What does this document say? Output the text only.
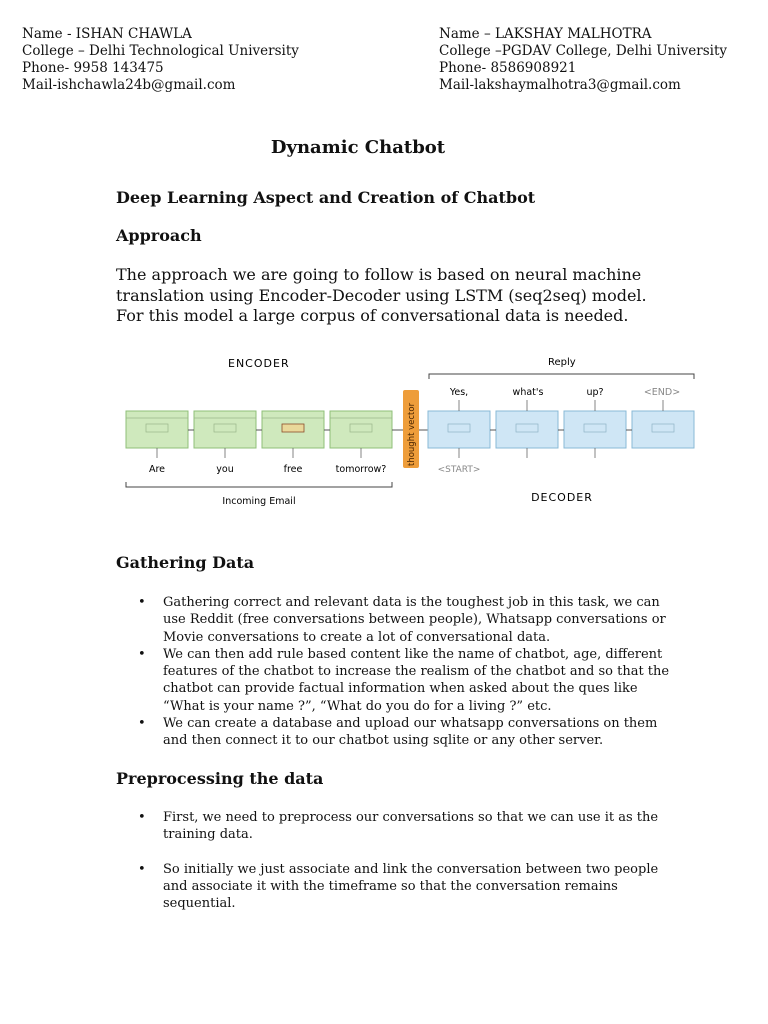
Name - ISHAN CHAWLA
College – Delhi Technological University
Phone- 9958 143475
Mail-ishchawla24b@gmail.com
Name – LAKSHAY MALHOTRA
College –PGDAV College, Delhi University
Phone- 8586908921
Mail-lakshaymalhotra3@gmail.com
Dynamic Chatbot
Deep Learning Aspect and Creation of Chatbot
Approach
The approach we are going to follow is based on neural machine translation using Encoder-Decoder using LSTM (seq2seq) model. For this model a large corpus of conversational data is needed.
ENCODER	Reply
Yes,	what's	up?	<END>
thought vector
Are	you	free	tomorrow?	<START>
Incoming Email	DECODER
Gathering Data
• Gathering correct and relevant data is the toughest job in this task, we can use Reddit (free conversations between people), Whatsapp conversations or Movie conversations to create a lot of conversational data.
• We can then add rule based content like the name of chatbot, age, different features of the chatbot to increase the realism of the chatbot and so that the chatbot can provide factual information when asked about the ques like “What is your name ?”, “What do you do for a living ?” etc.
• We can create a database and upload our whatsapp conversations on them and then connect it to our chatbot using sqlite or any other server.
Preprocessing the data
• First, we need to preprocess our conversations so that we can use it as the training data.
• So initially we just associate and link the conversation between two people and associate it with the timeframe so that the conversation remains sequential.
